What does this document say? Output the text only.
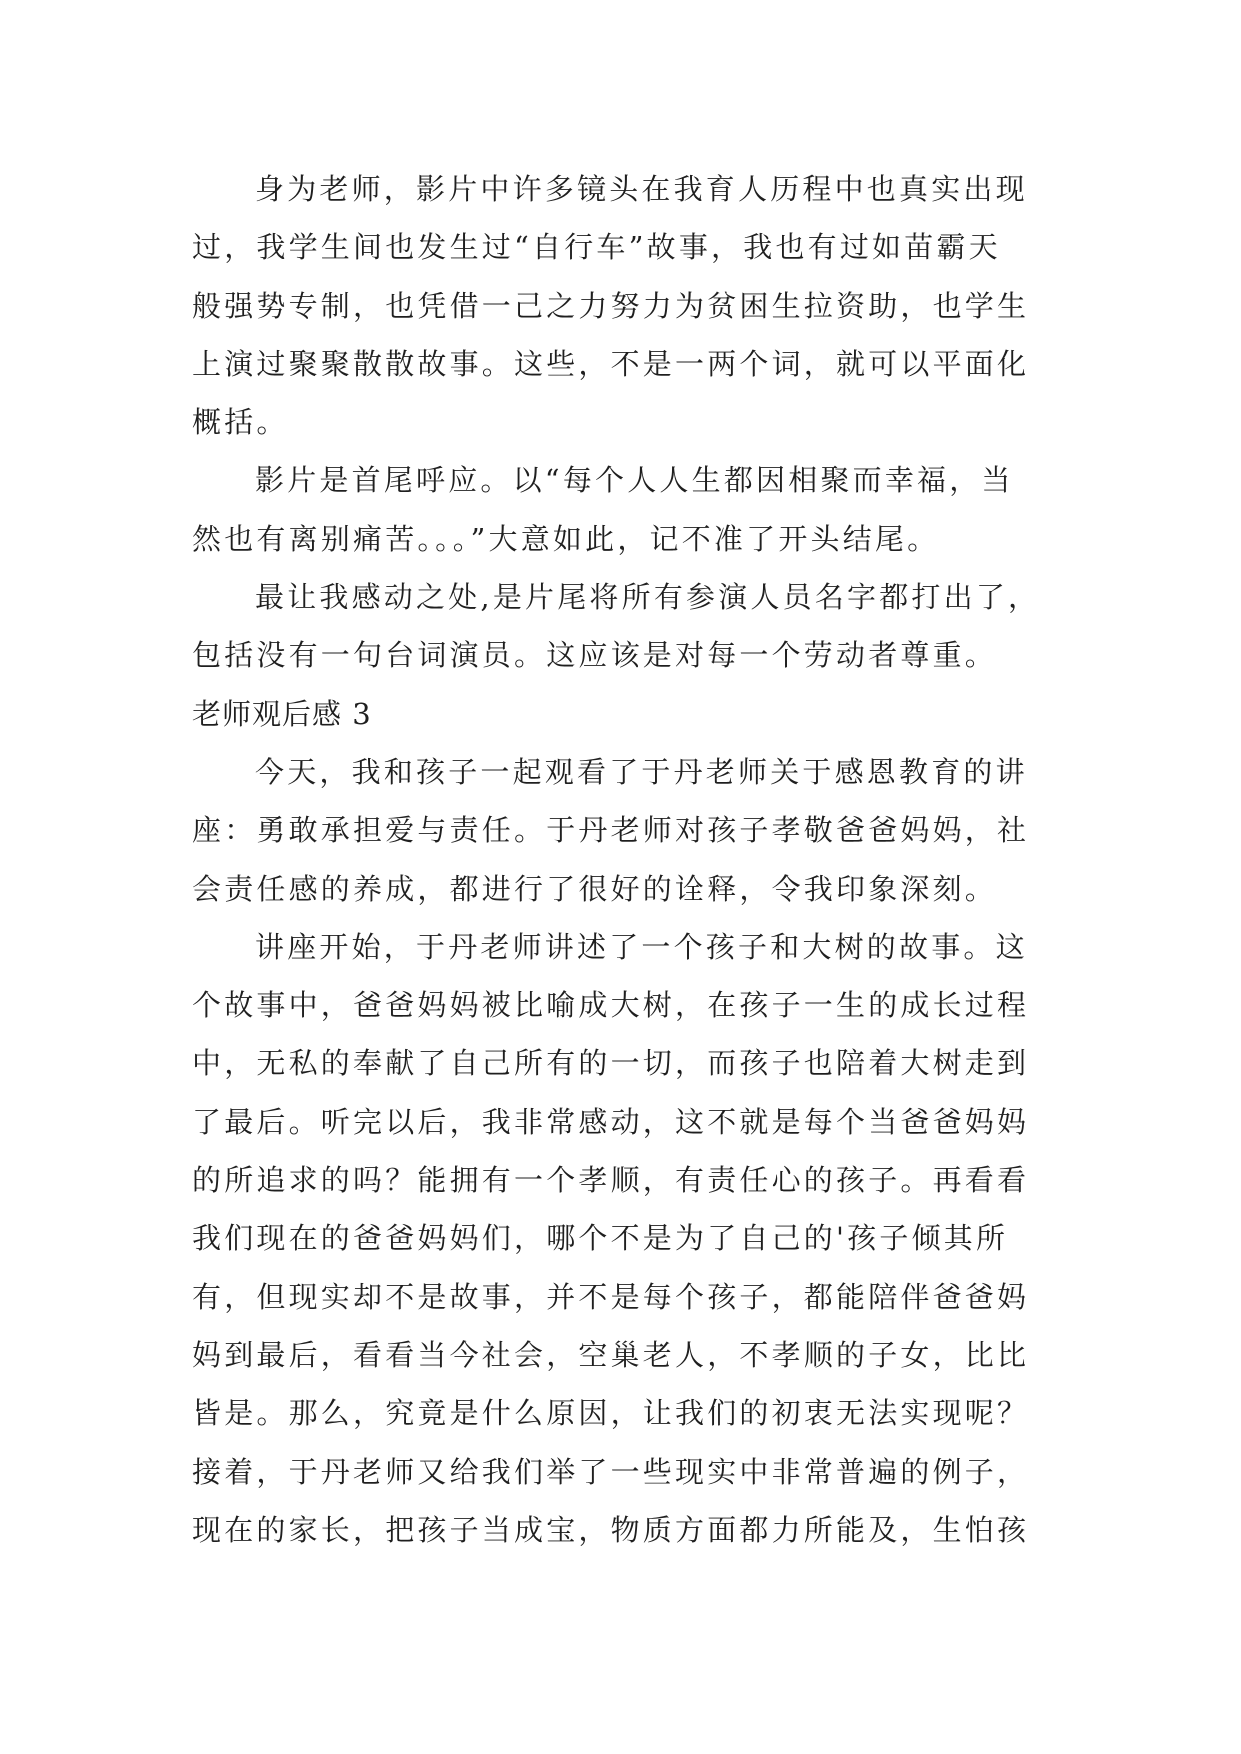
身为老师，影片中许多镜头在我育人历程中也真实出现
过，我学生间也发生过“自行车”故事，我也有过如苗霸天
般强势专制，也凭借一己之力努力为贫困生拉资助，也学生
上演过聚聚散散故事。这些，不是一两个词，就可以平面化
概括。
影片是首尾呼应。以“每个人人生都因相聚而幸福，当
然也有离别痛苦。。。”大意如此，记不准了开头结尾。
最让我感动之处,是片尾将所有参演人员名字都打出了，
包括没有一句台词演员。这应该是对每一个劳动者尊重。
老师观后感 3
今天，我和孩子一起观看了于丹老师关于感恩教育的讲
座：勇敢承担爱与责任。于丹老师对孩子孝敬爸爸妈妈，社
会责任感的养成，都进行了很好的诠释，令我印象深刻。
讲座开始，于丹老师讲述了一个孩子和大树的故事。这
个故事中，爸爸妈妈被比喻成大树，在孩子一生的成长过程
中，无私的奉献了自己所有的一切，而孩子也陪着大树走到
了最后。听完以后，我非常感动，这不就是每个当爸爸妈妈
的所追求的吗？能拥有一个孝顺，有责任心的孩子。再看看
我们现在的爸爸妈妈们，哪个不是为了自己的'孩子倾其所
有，但现实却不是故事，并不是每个孩子，都能陪伴爸爸妈
妈到最后，看看当今社会，空巢老人，不孝顺的子女，比比
皆是。那么，究竟是什么原因，让我们的初衷无法实现呢？
接着，于丹老师又给我们举了一些现实中非常普遍的例子，
现在的家长，把孩子当成宝，物质方面都力所能及，生怕孩
